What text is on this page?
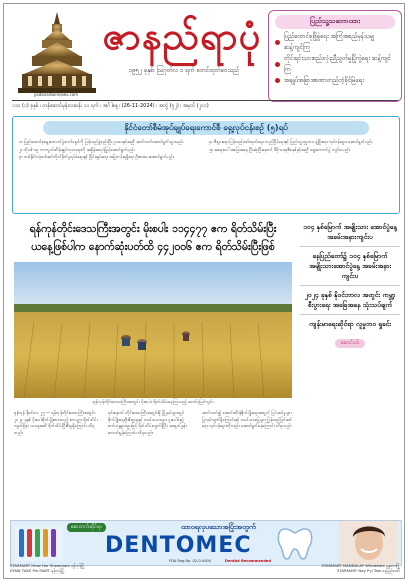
yadanarbonnews.com
ဇာနည်ရာပုံ
၁၉၅၂ ခုနှစ်၊ ဩဂုတ်လ ၁ ရက် စတင်ထုတ်ဝေသည်
ပြည်သူ့သဘောထား
ပြည်ထောင်စုဖြိုခွဲရေး အကြံအစည်မှန်သမျှ ဆန့်ကျင်ကြ
တိုင်းရင်းသားစည်းလုံးညီညွတ်မှုပြိုကွဲရေး ဆန့်ကျင်ကြ
အချုပ်အခြာအာဏာတည်တံ့ခိုင်မြဲရေး
၁၁၀ (၁) ခုနှစ် ၊ တန်ဆောင်မုန်းလဆန်း ၁၁ ရက် ၊ အင်္ဂါနေ့ ၊ (26-11-2024) ၊ အတွဲ (၅၂) ၊ အမှတ် (၂၀၁)
နိုင်ငံတော်စီမံအုပ်ချုပ်ရေးကောင်စီ ရှေ့လုပ်ငန်းစဉ် (၅)ရပ်

၁။ ပြည်ထောင်စုရွေးကောက်ပွဲကော်မရှင်ကို ပြန်လည်ဖွဲ့စည်းပြီး ဥပဒေနှင့်အညီ ဆက်လက်ဆောင်ရွက်သွားမည်။

၂။ ကိုဗစ်-၁၉ ကာကွယ်ထိန်းချုပ်ကုသရေးကို အရှိန်အဟုန်မြှင့်ဆောင်ရွက်မည်။

၃။ တစ်နိုင်ငံလုံးပစ်ခတ်တိုက်ခိုက်မှုရပ်စဲရေးနှင့် ငြိမ်းချမ်းရေး အမြဲတမ်းရရှိရေး ဦးစားပေးဆောင်ရွက်မည်။

၄။ စီးပွားရေး ပြန်လည်ဖော်ထုတ်ရေး၊ တည်ငြိမ်ရေးနှင့် ပြည်သူ့လူမှုဘဝ ဖွံ့ဖြိုးရေး လုပ်ငန်းများ ဆောင်ရွက်မည်။

၅။ အရေးပေါ်အခြေအနေ ပြီးဆုံးပြီးနောက် ဒီမိုကရေစီစနစ်နှင့်အညီ ရွေးကောက်ပွဲ ကျင်းပမည်။

ရန်ကုန်တိုင်းဒေသကြီးအတွင်း မိုးစပါး ၁၁၄၄၇၇ ဧက ရိတ်သိမ်းပြီး
ယနေ့ဖြစ်ပါက နောက်ဆုံးပတ်ထိ ၄၄၂၀၀၆ ဧက ရိတ်သိမ်းပြီးဖြစ်
ရန်ကုန်တိုင်းဒေသကြီးအတွင်း မိုးစပါး ရိတ်သိမ်းနေကြသည့် ဓာတ်ပုံမြင်ကွင်း

ရန်ကုန် နိုဝင်ဘာ ၂၅ — ရန်ကုန်တိုင်းဒေသကြီးအတွင်း ၂၀၂၄ ခုနှစ် မိုးစပါးစိုက်ပျိုးထားသည့် ဧကများ ရိတ်သိမ်းလျက်ရှိရာ ယနေ့အထိ ရိတ်သိမ်းပြီးစီးမှုရှိကြောင်း သိရသည်။

၎င်းနောက် တိုင်းဒေသကြီးအတွင်းရှိ မြို့နယ်များတွင် စိုက်ပျိုးရေးဦးစီးဌာနနှင့် လယ်သမားများ ပူးပေါင်း၍ စက်ယန္တရားများဖြင့် ရိတ်သိမ်းလျက်ရှိပြီး အထွက်နှုန်းကောင်းမွန်ကြောင်း သိရသည်။

ဆက်လက်၍ ဆောင်းသီးနှံစိုက်ပျိုးရေးအတွက် ပြင်ဆင်မှုများ ပြုလုပ်လျက်ရှိကြောင်းနှင့် လယ်ယာမြေများ ပြန်လည်ပြင်ဆင်ရေး လုပ်ငန်းများကိုလည်း ဆောင်ရွက်နေကြောင်း သိရသည်။

၁၀၄ နှစ်မြောက် အမျိုးသား အောင်ပွဲနေ့ အခမ်းအနားကျင်းပ
နေပြည်တော်၌ ၁၀၄ နှစ်မြောက် အမျိုးသားအောင်ပွဲနေ့ အခမ်းအနား ကျင်းပ
၂၀၂၄ ခုနှစ် နိုဝင်ဘာလ အတွင်း ကမ္ဘာ့စီးပွားရေး အခြေအနေ သုံးသပ်ချက်
ကျန်းမာရေးဆိုင်ရာ လူမှုဘဝ ရှုခင်း
ဆောင်းပါး
ဆေးဘက်ဆိုင်ရာ	ထာဝရလှပသောအပြုံးအတွက်
DENTOMEC
FDA Reg.No. 02-0-0000	Dentist Recommended
STARMART Hlaw Har Showroom ရန်ကုန်မြို့	STARMART MANDALAY Wholesale မန္တလေးမြို့
KYAW TAKE Pin MART ရန်ကုန်မြို့	STARMART Nay Pyi Taw နေပြည်တော်
